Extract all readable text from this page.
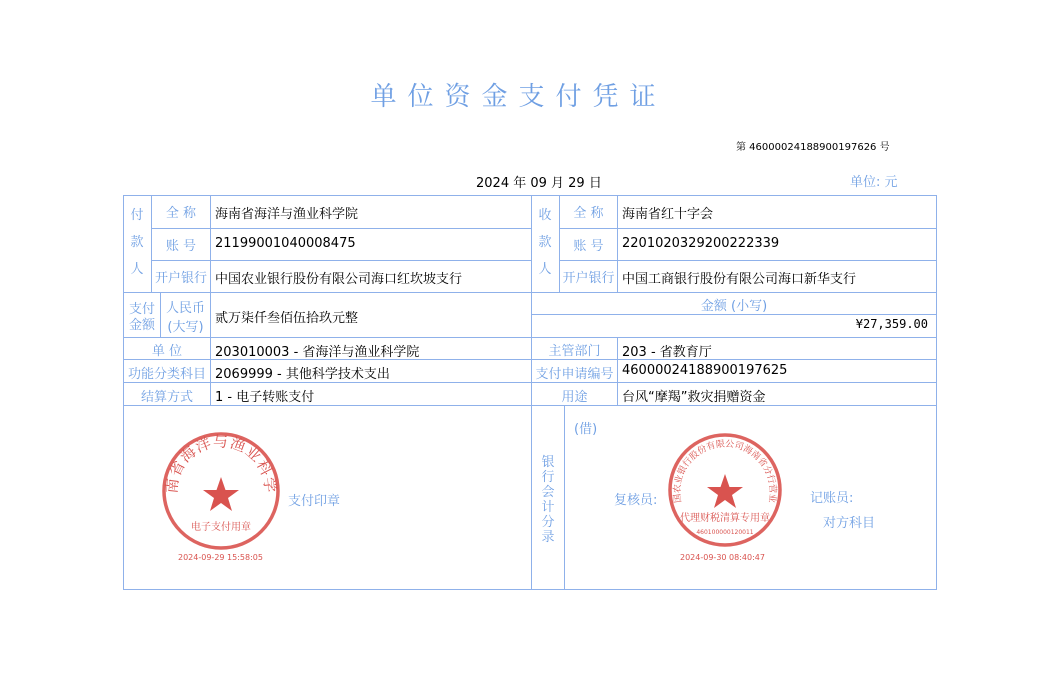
单位资金支付凭证
第 46000024188900197626 号
2024 年 09 月 29 日	单位: 元
付
款
人
全 称	海南省海洋与渔业科学院
账 号	21199001040008475
开户银行 中国农业银行股份有限公司海口红坎坡支行
收
款
人
全 称	海南省红十字会
账 号	2201020329200222339
开户银行 中国工商银行股份有限公司海口新华支行
支付
金额
人民币
(大写)
贰万柒仟叁佰伍拾玖元整
金额 (小写)
¥27,359.00
单 位	203010003 - 省海洋与渔业科学院	主管部门	203 - 省教育厅
功能分类科目 2069999 - 其他科学技术支出	支付申请编号 46000024188900197625
结算方式	1 - 电子转账支付	用途	台风“摩羯”救灾捐赠资金
支付印章
银
行
会
计
分
录
(借)
复核员:	记账员:
对方科目
南省海洋与渔业科学
电子支付用章
2024-09-29 15:58:05
国农业银行股份有限公司海南省分行营业
代理财税清算专用章
460100000120011
2024-09-30 08:40:47
